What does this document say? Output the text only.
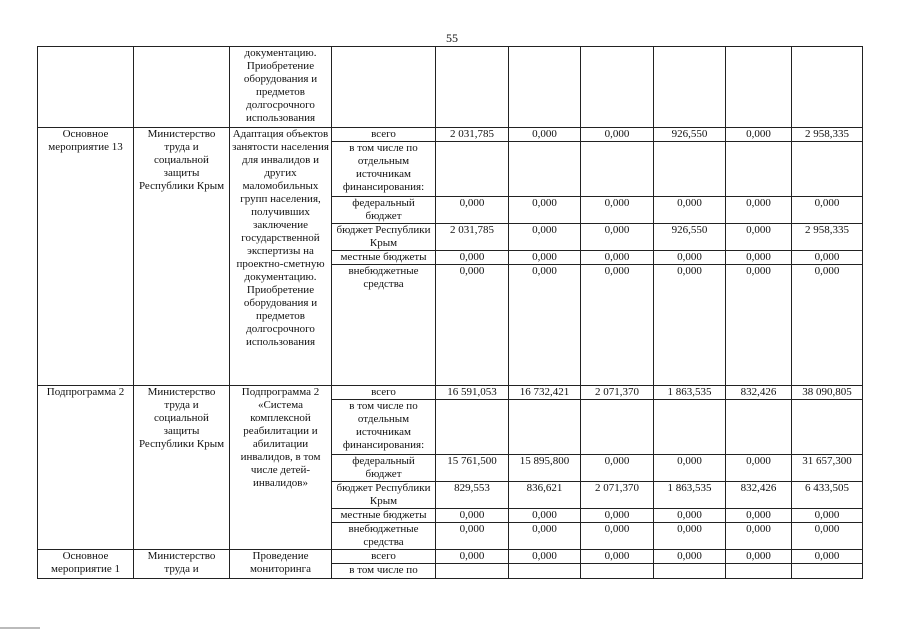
55
		документацию. Приобретение оборудования и предметов долгосрочного использования							
Основное мероприятие 13	Министерство труда и социальной защиты Республики Крым	Адаптация объектов занятости населения для инвалидов и других маломобильных групп населения, получивших заключение государственной экспертизы на проектно-сметную документацию. Приобретение оборудования и предметов долгосрочного использования	всего	2 031,785	0,000	0,000	926,550	0,000	2 958,335
			в том числе по отдельным источникам финансирования:						
			федеральный бюджет	0,000	0,000	0,000	0,000	0,000	0,000
			бюджет Республики Крым	2 031,785	0,000	0,000	926,550	0,000	2 958,335
			местные бюджеты	0,000	0,000	0,000	0,000	0,000	0,000
			внебюджетные средства	0,000	0,000	0,000	0,000	0,000	0,000
Подпрограмма 2	Министерство труда и социальной защиты Республики Крым	Подпрограмма 2 «Система комплексной реабилитации и абилитации инвалидов, в том числе детей-инвалидов»	всего	16 591,053	16 732,421	2 071,370	1 863,535	832,426	38 090,805
			в том числе по отдельным источникам финансирования:						
			федеральный бюджет	15 761,500	15 895,800	0,000	0,000	0,000	31 657,300
			бюджет Республики Крым	829,553	836,621	2 071,370	1 863,535	832,426	6 433,505
			местные бюджеты	0,000	0,000	0,000	0,000	0,000	0,000
			внебюджетные средства	0,000	0,000	0,000	0,000	0,000	0,000
Основное мероприятие 1	Министерство труда и	Проведение мониторинга	всего	0,000	0,000	0,000	0,000	0,000	0,000
			в том числе по						
